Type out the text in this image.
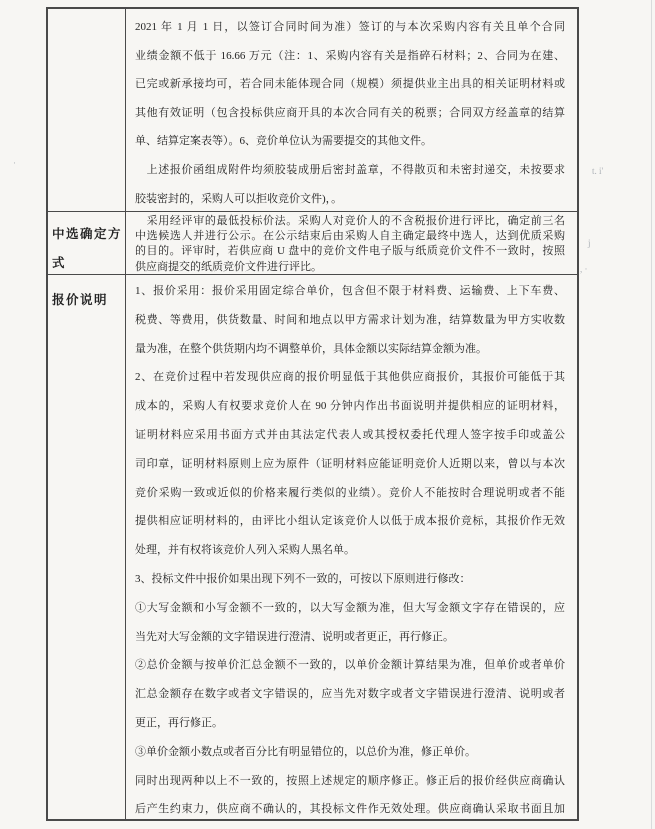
2021 年 1 月 1 日，以签订合同时间为准）签订的与本次采购内容有关且单个合同
业绩金额不低于 16.66 万元（注：1、采购内容有关是指碎石材料；2、合同为在建、
已完或新承接均可，若合同未能体现合同（规模）须提供业主出具的相关证明材料或
其他有效证明（包含投标供应商开具的本次合同有关的税票；合同双方经盖章的结算
单、结算定案表等）。6、竞价单位认为需要提交的其他文件。
　上述报价函组成附件均须胶装成册后密封盖章，不得散页和未密封递交，未按要求
胶装密封的，采购人可以拒收竞价文件)，。
中选确定方式
　采用经评审的最低投标价法。采购人对竞价人的不含税报价进行评比，确定前三名
中选候选人并进行公示。在公示结束后由采购人自主确定最终中选人，达到优质采购
的目的。评审时，若供应商 U 盘中的竞价文件电子版与纸质竞价文件不一致时，按照
供应商提交的纸质竞价文件进行评比。
报价说明
1、报价采用：报价采用固定综合单价，包含但不限于材料费、运输费、上下车费、
税费、等费用，供货数量、时间和地点以甲方需求计划为准，结算数量为甲方实收数
量为准，在整个供货期内均不调整单价，具体金额以实际结算金额为准。
2、在竞价过程中若发现供应商的报价明显低于其他供应商报价，其报价可能低于其
成本的，采购人有权要求竞价人在 90 分钟内作出书面说明并提供相应的证明材料，
证明材料应采用书面方式并由其法定代表人或其授权委托代理人签字按手印或盖公
司印章，证明材料原则上应为原件（证明材料应能证明竞价人近期以来，曾以与本次
竞价采购一致或近似的价格来履行类似的业绩）。竞价人不能按时合理说明或者不能
提供相应证明材料的，由评比小组认定该竞价人以低于成本报价竞标，其报价作无效
处理，并有权将该竞价人列入采购人黑名单。
3、投标文件中报价如果出现下列不一致的，可按以下原则进行修改：
①大写金额和小写金额不一致的，以大写金额为准，但大写金额文字存在错误的，应
当先对大写金额的文字错误进行澄清、说明或者更正，再行修正。
②总价金额与按单价汇总金额不一致的，以单价金额计算结果为准，但单价或者单价
汇总金额存在数字或者文字错误的，应当先对数字或者文字错误进行澄清、说明或者
更正，再行修正。
③单价金额小数点或者百分比有明显错位的，以总价为准，修正单价。
同时出现两种以上不一致的，按照上述规定的顺序修正。修正后的报价经供应商确认
后产生约束力，供应商不确认的，其投标文件作无效处理。供应商确认采取书面且加
t. i'
j
, ·
·
